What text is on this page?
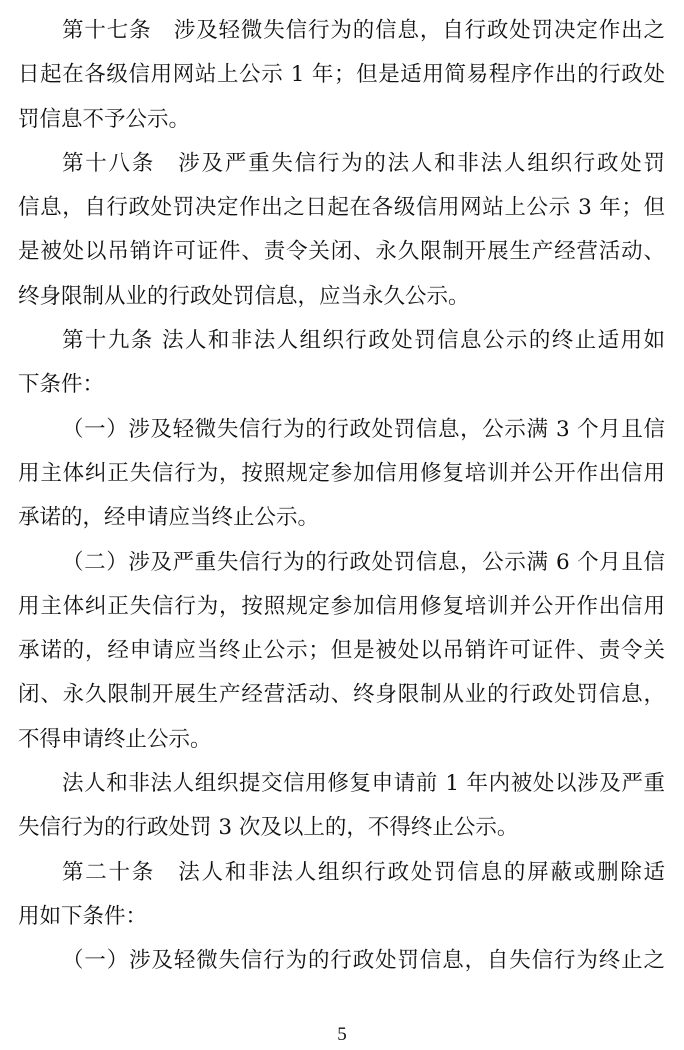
第十七条　涉及轻微失信行为的信息，自行政处罚决定作出之
日起在各级信用网站上公示 1 年；但是适用简易程序作出的行政处
罚信息不予公示。
第十八条　涉及严重失信行为的法人和非法人组织行政处罚
信息，自行政处罚决定作出之日起在各级信用网站上公示 3 年；但
是被处以吊销许可证件、责令关闭、永久限制开展生产经营活动、
终身限制从业的行政处罚信息，应当永久公示。
第十九条 法人和非法人组织行政处罚信息公示的终止适用如
下条件：
（一）涉及轻微失信行为的行政处罚信息，公示满 3 个月且信
用主体纠正失信行为，按照规定参加信用修复培训并公开作出信用
承诺的，经申请应当终止公示。
（二）涉及严重失信行为的行政处罚信息，公示满 6 个月且信
用主体纠正失信行为，按照规定参加信用修复培训并公开作出信用
承诺的，经申请应当终止公示；但是被处以吊销许可证件、责令关
闭、永久限制开展生产经营活动、终身限制从业的行政处罚信息，
不得申请终止公示。
法人和非法人组织提交信用修复申请前 1 年内被处以涉及严重
失信行为的行政处罚 3 次及以上的，不得终止公示。
第二十条　法人和非法人组织行政处罚信息的屏蔽或删除适
用如下条件：
（一）涉及轻微失信行为的行政处罚信息，自失信行为终止之
5
